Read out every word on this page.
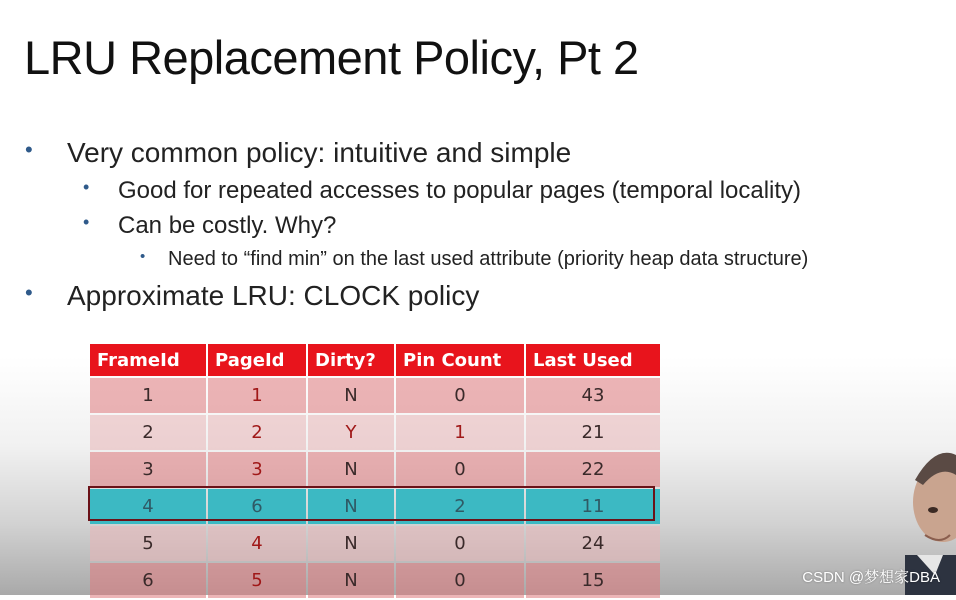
LRU Replacement Policy, Pt 2
• Very common policy: intuitive and simple
• Good for repeated accesses to popular pages (temporal locality)
• Can be costly. Why?
• Need to “find min” on the last used attribute (priority heap data structure)
• Approximate LRU: CLOCK policy
FrameId	PageId	Dirty?	Pin Count	Last Used
1	1	N	0	43
2	2	Y	1	21
3	3	N	0	22
4	6	N	2	11
5	4	N	0	24
6	5	N	0	15	CSDN @梦想家DBA
